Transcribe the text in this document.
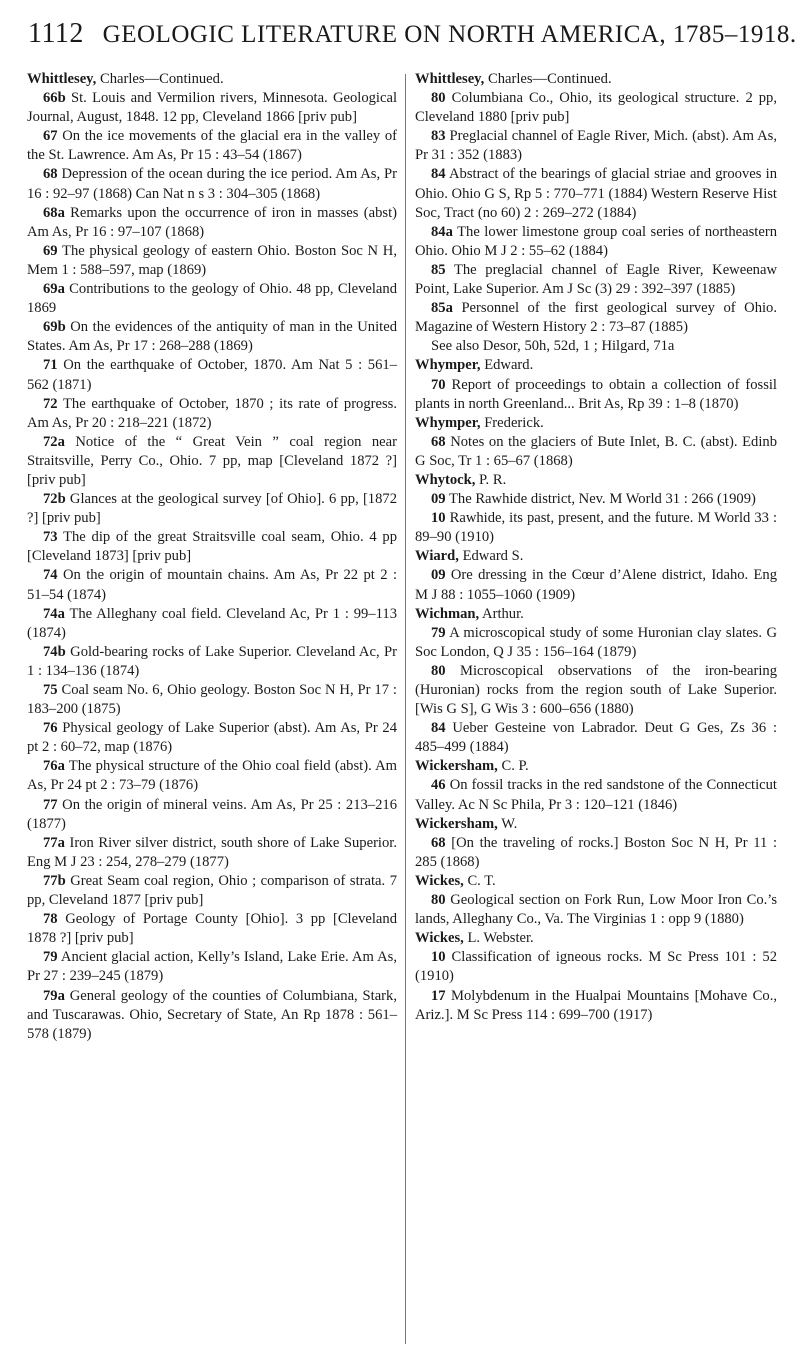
1112 GEOLOGIC LITERATURE ON NORTH AMERICA, 1785–1918.

Whittlesey, Charles—Continued.

66b St. Louis and Vermilion rivers, Minnesota. Geological Journal, August, 1848. 12 pp, Cleveland 1866 [priv pub]

67 On the ice movements of the glacial era in the valley of the St. Lawrence. Am As, Pr 15 : 43–54 (1867)

68 Depression of the ocean during the ice period. Am As, Pr 16 : 92–97 (1868) Can Nat n s 3 : 304–305 (1868)

68a Remarks upon the occurrence of iron in masses (abst) Am As, Pr 16 : 97–107 (1868)

69 The physical geology of eastern Ohio. Boston Soc N H, Mem 1 : 588–597, map (1869)

69a Contributions to the geology of Ohio. 48 pp, Cleveland 1869

69b On the evidences of the antiquity of man in the United States. Am As, Pr 17 : 268–288 (1869)

71 On the earthquake of October, 1870. Am Nat 5 : 561–562 (1871)

72 The earthquake of October, 1870 ; its rate of progress. Am As, Pr 20 : 218–221 (1872)

72a Notice of the “ Great Vein ” coal region near Straitsville, Perry Co., Ohio. 7 pp, map [Cleveland 1872 ?] [priv pub]

72b Glances at the geological survey [of Ohio]. 6 pp, [1872 ?] [priv pub]

73 The dip of the great Straitsville coal seam, Ohio. 4 pp [Cleveland 1873] [priv pub]

74 On the origin of mountain chains. Am As, Pr 22 pt 2 : 51–54 (1874)

74a The Alleghany coal field. Cleveland Ac, Pr 1 : 99–113 (1874)

74b Gold-bearing rocks of Lake Superior. Cleveland Ac, Pr 1 : 134–136 (1874)

75 Coal seam No. 6, Ohio geology. Boston Soc N H, Pr 17 : 183–200 (1875)

76 Physical geology of Lake Superior (abst). Am As, Pr 24 pt 2 : 60–72, map (1876)

76a The physical structure of the Ohio coal field (abst). Am As, Pr 24 pt 2 : 73–79 (1876)

77 On the origin of mineral veins. Am As, Pr 25 : 213–216 (1877)

77a Iron River silver district, south shore of Lake Superior. Eng M J 23 : 254, 278–279 (1877)

77b Great Seam coal region, Ohio ; comparison of strata. 7 pp, Cleveland 1877 [priv pub]

78 Geology of Portage County [Ohio]. 3 pp [Cleveland 1878 ?] [priv pub]

79 Ancient glacial action, Kelly’s Island, Lake Erie. Am As, Pr 27 : 239–245 (1879)

79a General geology of the counties of Columbiana, Stark, and Tuscarawas. Ohio, Secretary of State, An Rp 1878 : 561–578 (1879)

Whittlesey, Charles—Continued.

80 Columbiana Co., Ohio, its geological structure. 2 pp, Cleveland 1880 [priv pub]

83 Preglacial channel of Eagle River, Mich. (abst). Am As, Pr 31 : 352 (1883)

84 Abstract of the bearings of glacial striae and grooves in Ohio. Ohio G S, Rp 5 : 770–771 (1884) Western Reserve Hist Soc, Tract (no 60) 2 : 269–272 (1884)

84a The lower limestone group coal series of northeastern Ohio. Ohio M J 2 : 55–62 (1884)

85 The preglacial channel of Eagle River, Keweenaw Point, Lake Superior. Am J Sc (3) 29 : 392–397 (1885)

85a Personnel of the first geological survey of Ohio. Magazine of Western History 2 : 73–87 (1885)

See also Desor, 50h, 52d, 1 ; Hilgard, 71a

Whymper, Edward.

70 Report of proceedings to obtain a collection of fossil plants in north Greenland... Brit As, Rp 39 : 1–8 (1870)

Whymper, Frederick.

68 Notes on the glaciers of Bute Inlet, B. C. (abst). Edinb G Soc, Tr 1 : 65–67 (1868)

Whytock, P. R.

09 The Rawhide district, Nev. M World 31 : 266 (1909)

10 Rawhide, its past, present, and the future. M World 33 : 89–90 (1910)

Wiard, Edward S.

09 Ore dressing in the Cœur d’Alene district, Idaho. Eng M J 88 : 1055–1060 (1909)

Wichman, Arthur.

79 A microscopical study of some Huronian clay slates. G Soc London, Q J 35 : 156–164 (1879)

80 Microscopical observations of the iron-bearing (Huronian) rocks from the region south of Lake Superior. [Wis G S], G Wis 3 : 600–656 (1880)

84 Ueber Gesteine von Labrador. Deut G Ges, Zs 36 : 485–499 (1884)

Wickersham, C. P.

46 On fossil tracks in the red sandstone of the Connecticut Valley. Ac N Sc Phila, Pr 3 : 120–121 (1846)

Wickersham, W.

68 [On the traveling of rocks.] Boston Soc N H, Pr 11 : 285 (1868)

Wickes, C. T.

80 Geological section on Fork Run, Low Moor Iron Co.’s lands, Alleghany Co., Va. The Virginias 1 : opp 9 (1880)

Wickes, L. Webster.

10 Classification of igneous rocks. M Sc Press 101 : 52 (1910)

17 Molybdenum in the Hualpai Mountains [Mohave Co., Ariz.]. M Sc Press 114 : 699–700 (1917)
